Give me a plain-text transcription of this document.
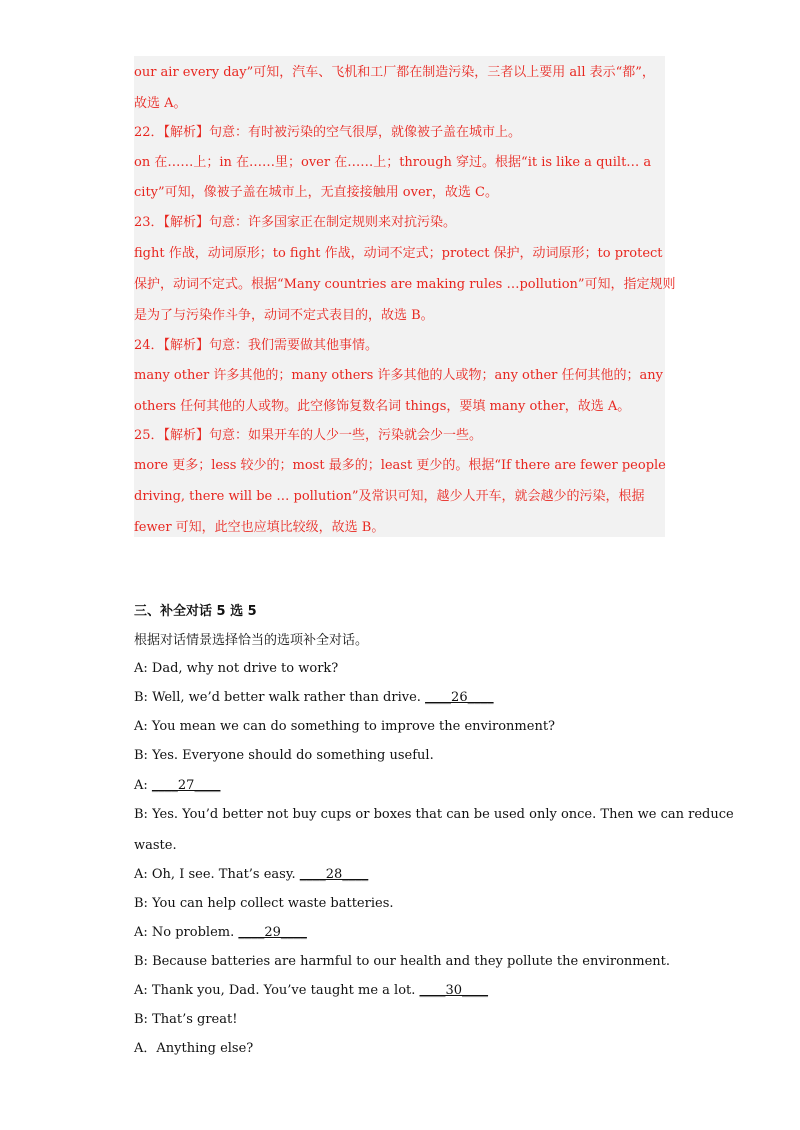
our air every day”可知，汽车、飞机和工厂都在制造污染，三者以上要用 all 表示“都”，
故选 A。
22．【解析】句意：有时被污染的空气很厚，就像被子盖在城市上。
on 在……上；in 在……里；over 在……上；through 穿过。根据“it is like a quilt… a
city”可知，像被子盖在城市上，无直接接触用 over，故选 C。
23．【解析】句意：许多国家正在制定规则来对抗污染。
fight 作战，动词原形；to fight 作战，动词不定式；protect 保护，动词原形；to protect
保护，动词不定式。根据“Many countries are making rules …pollution”可知，指定规则
是为了与污染作斗争，动词不定式表目的，故选 B。
24．【解析】句意：我们需要做其他事情。
many other 许多其他的；many others 许多其他的人或物；any other 任何其他的；any
others 任何其他的人或物。此空修饰复数名词 things，要填 many other，故选 A。
25．【解析】句意：如果开车的人少一些，污染就会少一些。
more 更多；less 较少的；most 最多的；least 更少的。根据“If there are fewer people
driving, there will be … pollution”及常识可知，越少人开车，就会越少的污染，根据
fewer 可知，此空也应填比较级，故选 B。
三、补全对话 5 选 5
根据对话情景选择恰当的选项补全对话。
A: Dad, why not drive to work?
B: Well, we’d better walk rather than drive. ____26____
A: You mean we can do something to improve the environment?
B: Yes. Everyone should do something useful.
A: ____27____
B: Yes. You’d better not buy cups or boxes that can be used only once. Then we can reduce
waste.
A: Oh, I see. That’s easy. ____28____
B: You can help collect waste batteries.
A: No problem. ____29____
B: Because batteries are harmful to our health and they pollute the environment.
A: Thank you, Dad. You’ve taught me a lot. ____30____
B: That’s great!
A．Anything else?
